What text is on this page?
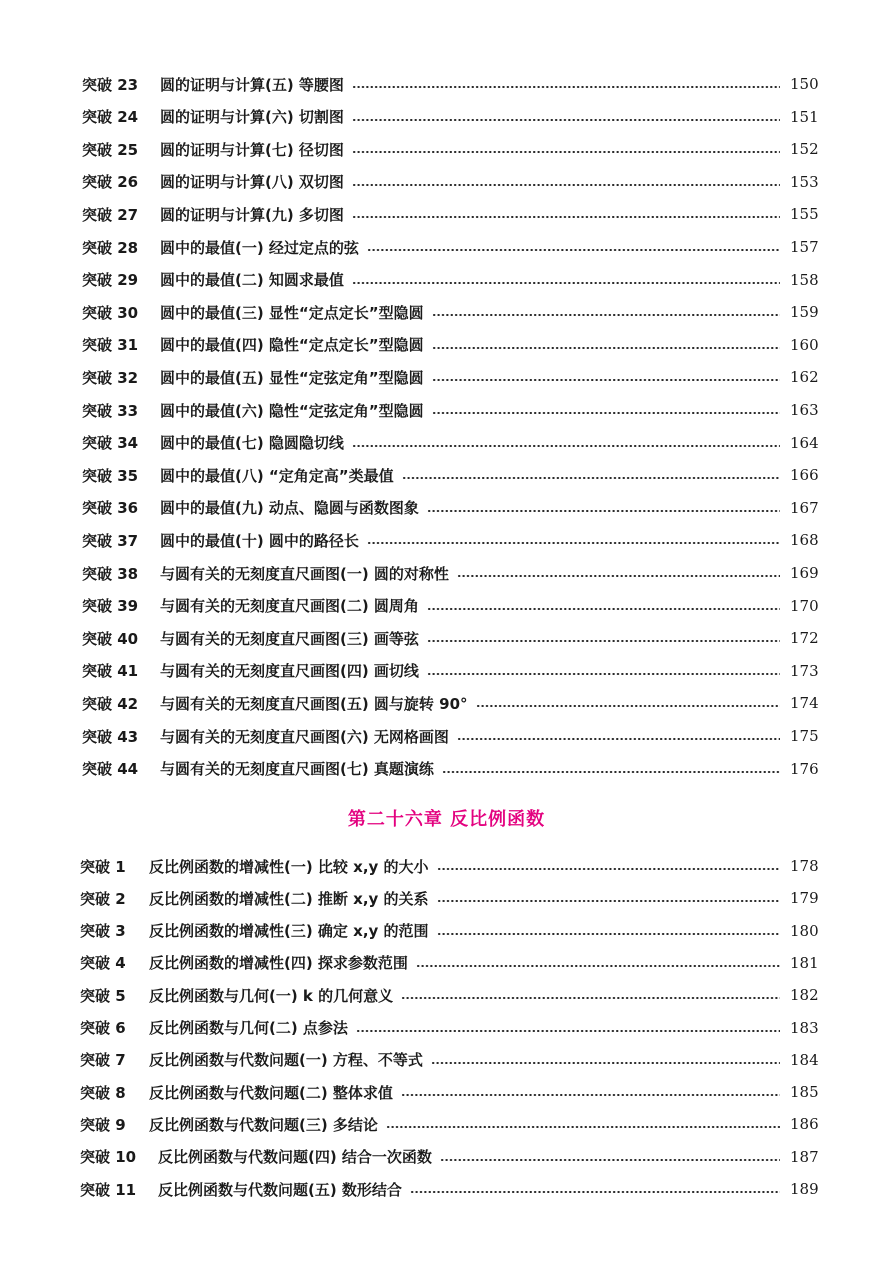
突破 23	圆的证明与计算(五) 等腰图	150
突破 24	圆的证明与计算(六) 切割图	151
突破 25	圆的证明与计算(七) 径切图	152
突破 26	圆的证明与计算(八) 双切图	153
突破 27	圆的证明与计算(九) 多切图	155
突破 28	圆中的最值(一) 经过定点的弦	157
突破 29	圆中的最值(二) 知圆求最值	158
突破 30	圆中的最值(三) 显性“定点定长”型隐圆	159
突破 31	圆中的最值(四) 隐性“定点定长”型隐圆	160
突破 32	圆中的最值(五) 显性“定弦定角”型隐圆	162
突破 33	圆中的最值(六) 隐性“定弦定角”型隐圆	163
突破 34	圆中的最值(七) 隐圆隐切线	164
突破 35	圆中的最值(八) “定角定高”类最值	166
突破 36	圆中的最值(九) 动点、隐圆与函数图象	167
突破 37	圆中的最值(十) 圆中的路径长	168
突破 38	与圆有关的无刻度直尺画图(一) 圆的对称性	169
突破 39	与圆有关的无刻度直尺画图(二) 圆周角	170
突破 40	与圆有关的无刻度直尺画图(三) 画等弦	172
突破 41	与圆有关的无刻度直尺画图(四) 画切线	173
突破 42	与圆有关的无刻度直尺画图(五) 圆与旋转 90°	174
突破 43	与圆有关的无刻度直尺画图(六) 无网格画图	175
突破 44	与圆有关的无刻度直尺画图(七) 真题演练	176
第二十六章 反比例函数
突破 1	反比例函数的增减性(一) 比较 x,y 的大小	178
突破 2	反比例函数的增减性(二) 推断 x,y 的关系	179
突破 3	反比例函数的增减性(三) 确定 x,y 的范围	180
突破 4	反比例函数的增减性(四) 探求参数范围	181
突破 5	反比例函数与几何(一) k 的几何意义	182
突破 6	反比例函数与几何(二) 点参法	183
突破 7	反比例函数与代数问题(一) 方程、不等式	184
突破 8	反比例函数与代数问题(二) 整体求值	185
突破 9	反比例函数与代数问题(三) 多结论	186
突破 10	反比例函数与代数问题(四) 结合一次函数	187
突破 11	反比例函数与代数问题(五) 数形结合	189
